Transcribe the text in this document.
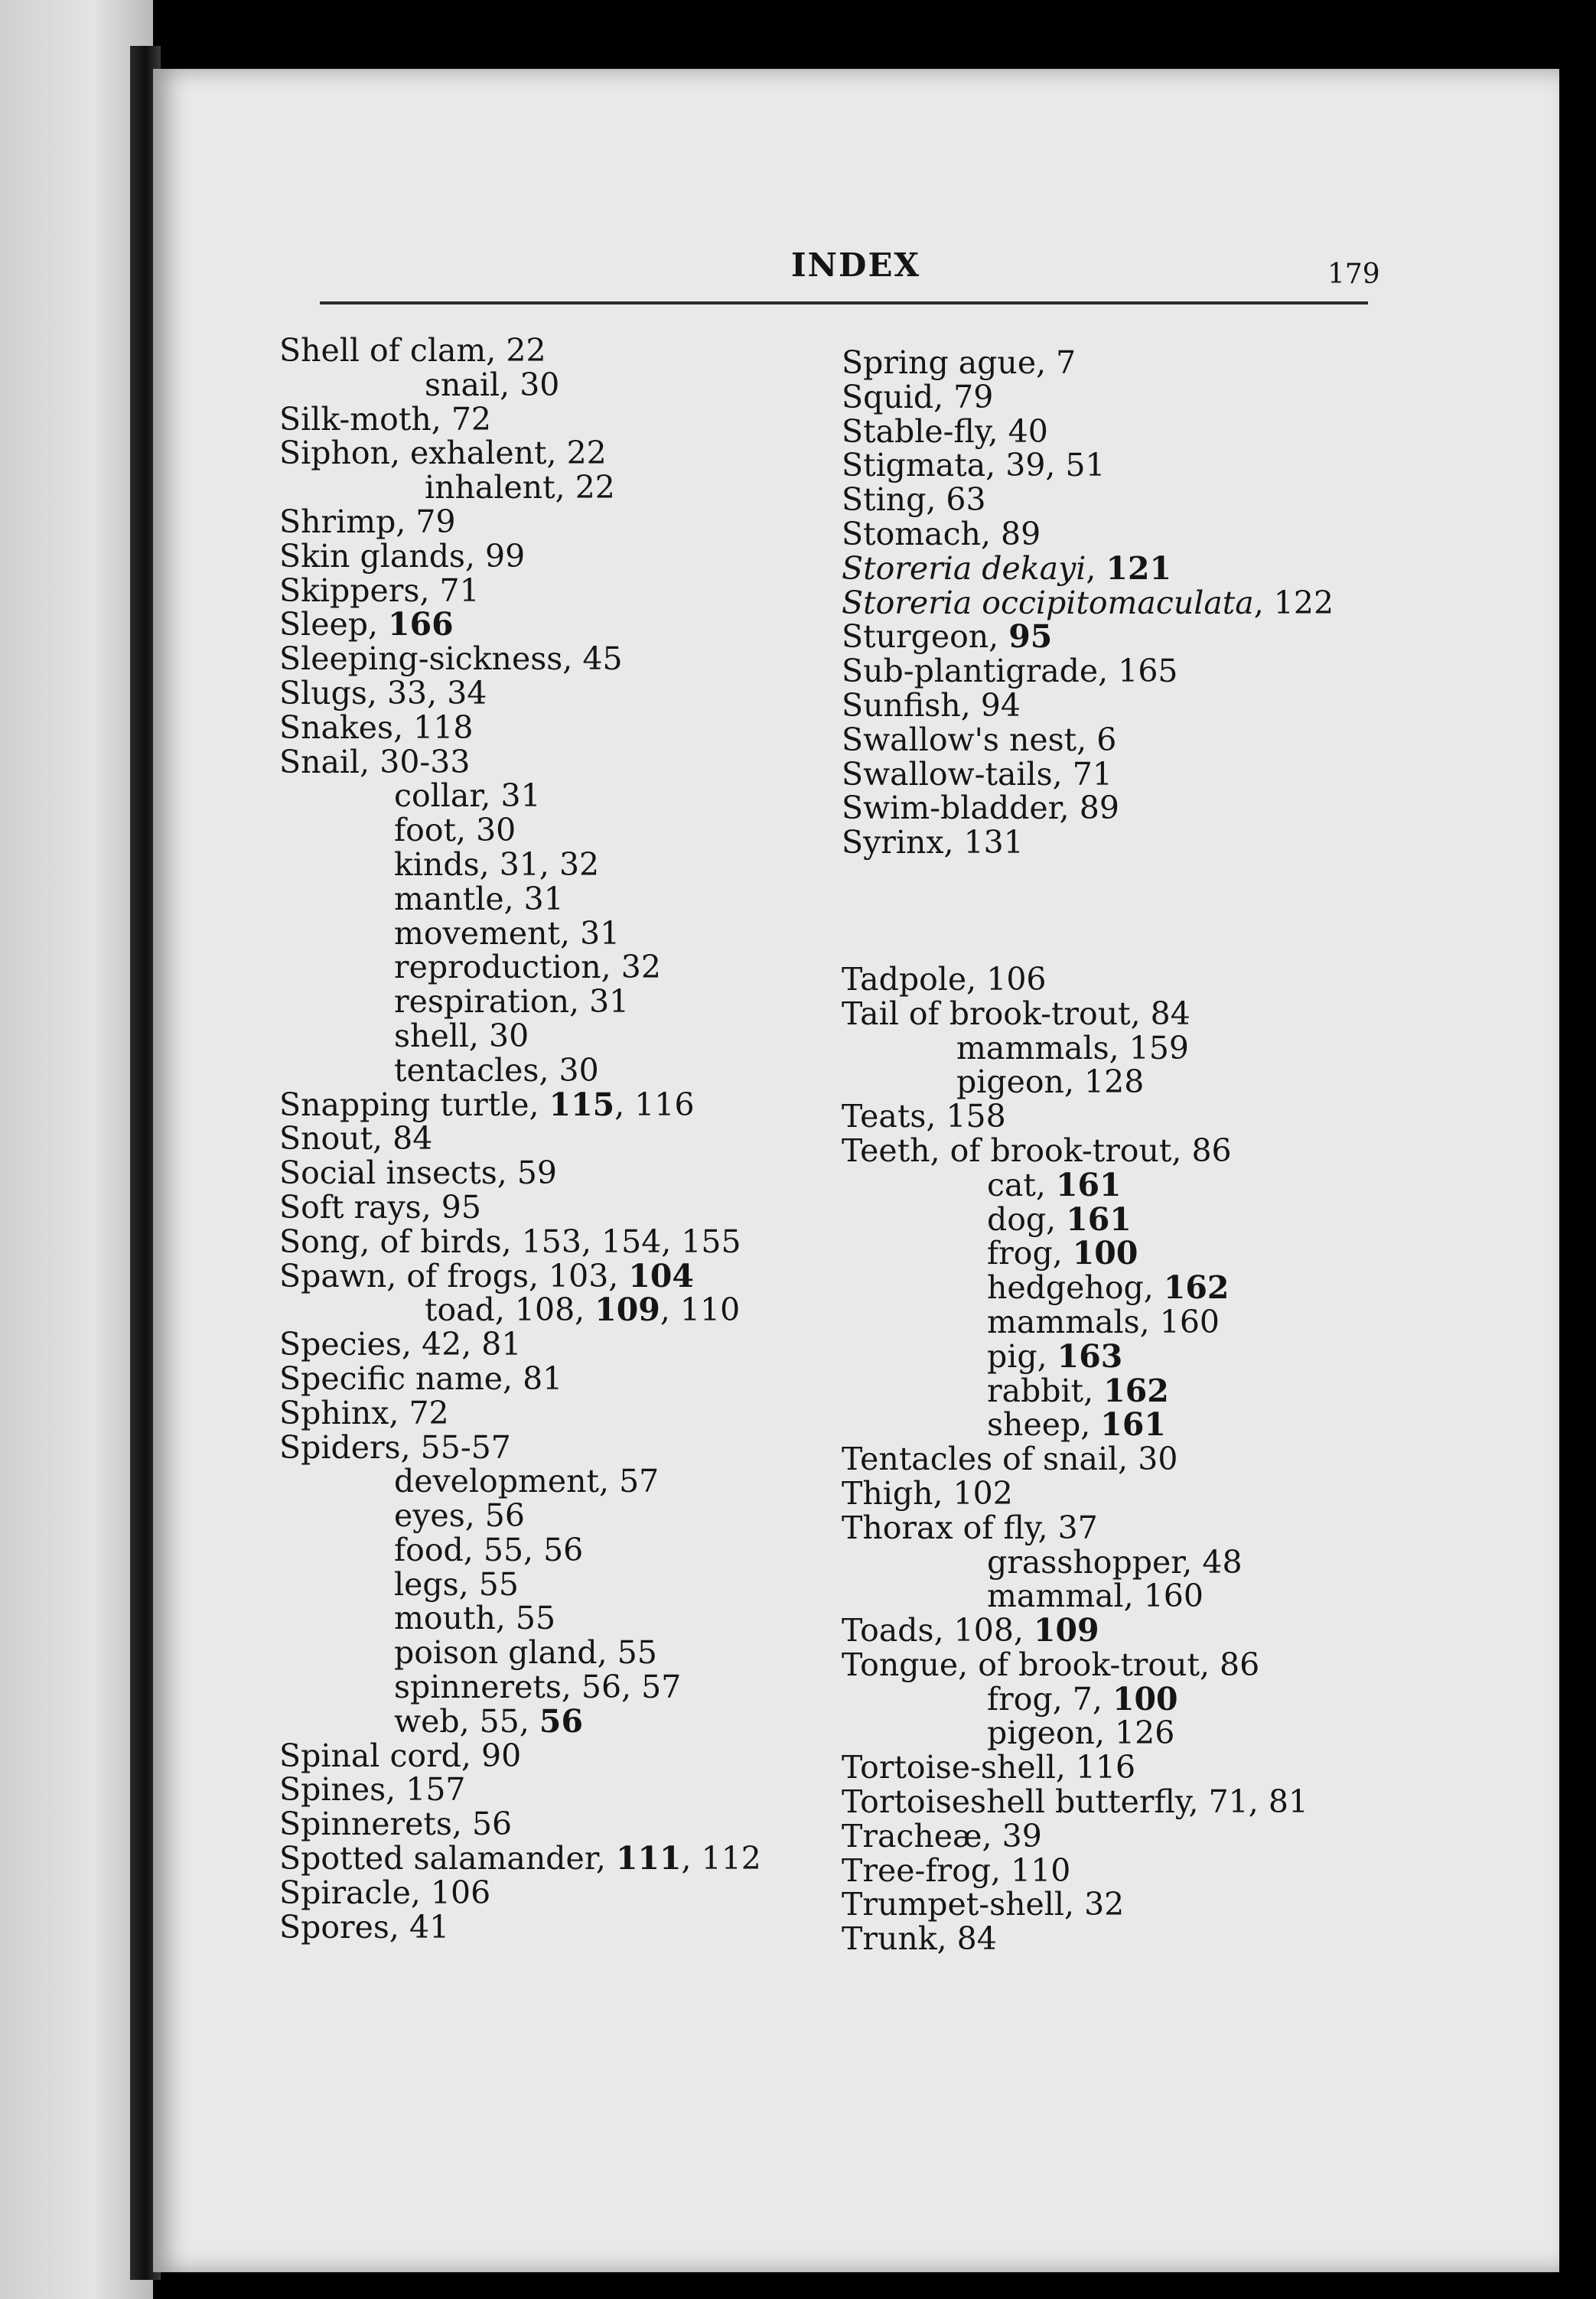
INDEX	179
Shell of clam, 22
snail, 30
Silk-moth, 72
Siphon, exhalent, 22
inhalent, 22
Shrimp, 79
Skin glands, 99
Skippers, 71
Sleep, 166
Sleeping-sickness, 45
Slugs, 33, 34
Snakes, 118
Snail, 30-33
collar, 31
foot, 30
kinds, 31, 32
mantle, 31
movement, 31
reproduction, 32
respiration, 31
shell, 30
tentacles, 30
Snapping turtle, 115, 116
Snout, 84
Social insects, 59
Soft rays, 95
Song, of birds, 153, 154, 155
Spawn, of frogs, 103, 104
toad, 108, 109, 110
Species, 42, 81
Specific name, 81
Sphinx, 72
Spiders, 55-57
development, 57
eyes, 56
food, 55, 56
legs, 55
mouth, 55
poison gland, 55
spinnerets, 56, 57
web, 55, 56
Spinal cord, 90
Spines, 157
Spinnerets, 56
Spotted salamander, 111, 112
Spiracle, 106
Spores, 41
Spring ague, 7
Squid, 79
Stable-fly, 40
Stigmata, 39, 51
Sting, 63
Stomach, 89
Storeria dekayi, 121
Storeria occipitomaculata, 122
Sturgeon, 95
Sub-plantigrade, 165
Sunfish, 94
Swallow's nest, 6
Swallow-tails, 71
Swim-bladder, 89
Syrinx, 131
Tadpole, 106
Tail of brook-trout, 84
mammals, 159
pigeon, 128
Teats, 158
Teeth, of brook-trout, 86
cat, 161
dog, 161
frog, 100
hedgehog, 162
mammals, 160
pig, 163
rabbit, 162
sheep, 161
Tentacles of snail, 30
Thigh, 102
Thorax of fly, 37
grasshopper, 48
mammal, 160
Toads, 108, 109
Tongue, of brook-trout, 86
frog, 7, 100
pigeon, 126
Tortoise-shell, 116
Tortoiseshell butterfly, 71, 81
Tracheæ, 39
Tree-frog, 110
Trumpet-shell, 32
Trunk, 84
